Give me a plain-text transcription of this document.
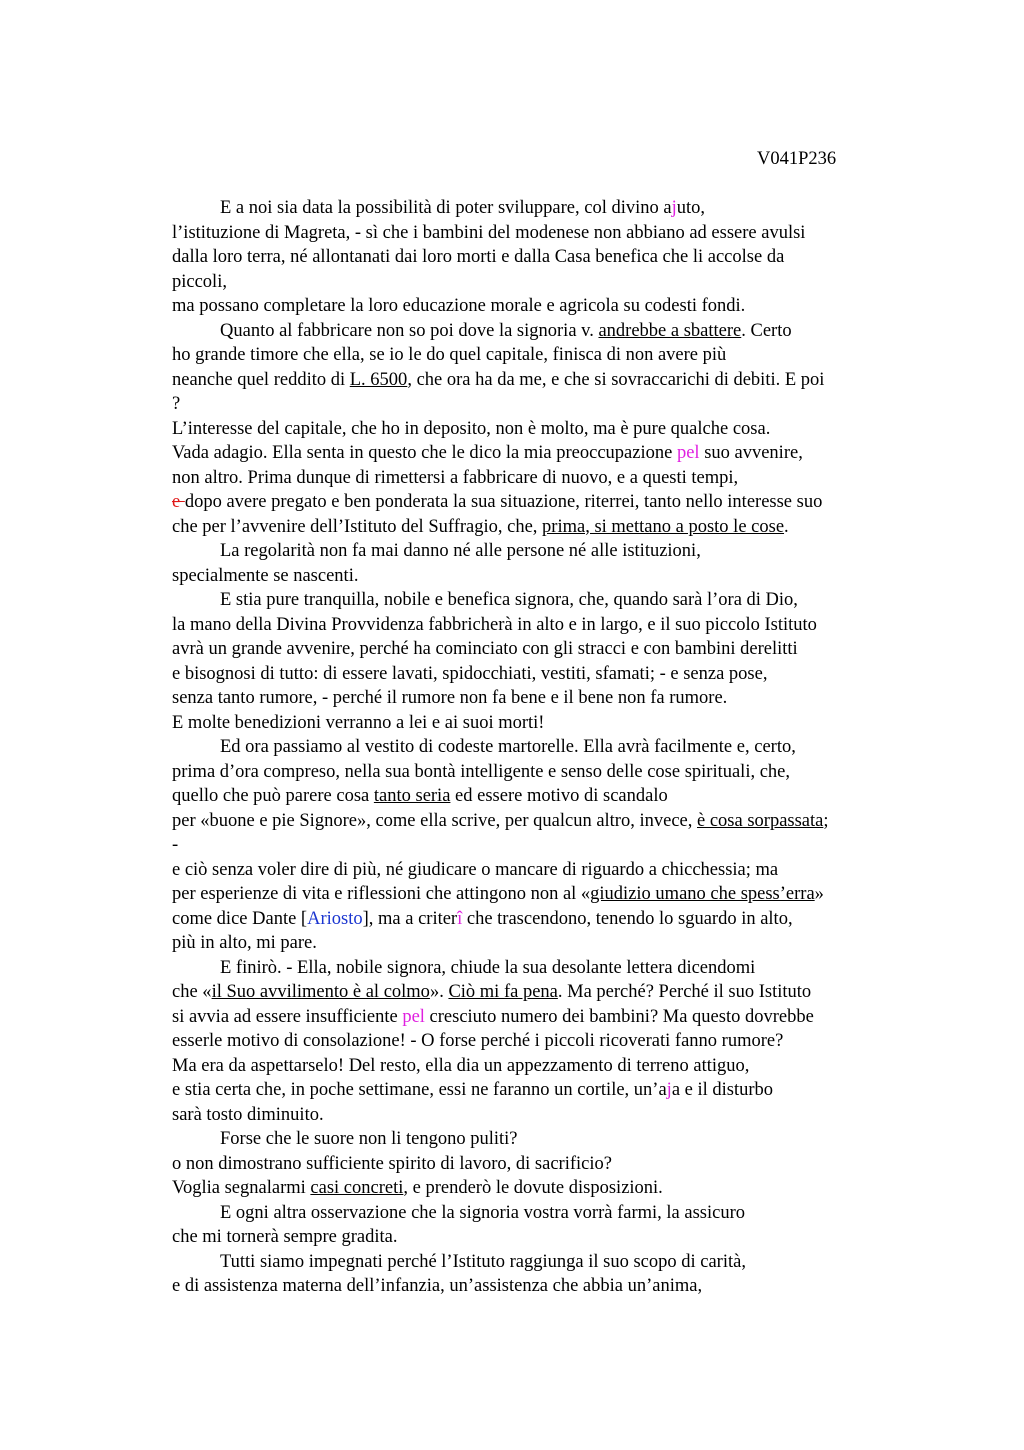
V041P236
E a noi sia data la possibilità di poter sviluppare, col divino ajuto,
l’istituzione di Magreta, - sì che i bambini del modenese non abbiano ad essere avulsi
dalla loro terra, né allontanati dai loro morti e dalla Casa benefica che li accolse da
piccoli,
ma possano completare la loro educazione morale e agricola su codesti fondi.
Quanto al fabbricare non so poi dove la signoria v. andrebbe a sbattere. Certo
ho grande timore che ella, se io le do quel capitale, finisca di non avere più
neanche quel reddito di L. 6500, che ora ha da me, e che si sovraccarichi di debiti. E poi
?
L’interesse del capitale, che ho in deposito, non è molto, ma è pure qualche cosa.
Vada adagio. Ella senta in questo che le dico la mia preoccupazione pel suo avvenire,
non altro. Prima dunque di rimettersi a fabbricare di nuovo, e a questi tempi,
e dopo avere pregato e ben ponderata la sua situazione, riterrei, tanto nello interesse suo
che per l’avvenire dell’Istituto del Suffragio, che, prima, si mettano a posto le cose.
La regolarità non fa mai danno né alle persone né alle istituzioni,
specialmente se nascenti.
E stia pure tranquilla, nobile e benefica signora, che, quando sarà l’ora di Dio,
la mano della Divina Provvidenza fabbricherà in alto e in largo, e il suo piccolo Istituto
avrà un grande avvenire, perché ha cominciato con gli stracci e con bambini derelitti
e bisognosi di tutto: di essere lavati, spidocchiati, vestiti, sfamati; - e senza pose,
senza tanto rumore, - perché il rumore non fa bene e il bene non fa rumore.
E molte benedizioni verranno a lei e ai suoi morti!
Ed ora passiamo al vestito di codeste martorelle. Ella avrà facilmente e, certo,
prima d’ora compreso, nella sua bontà intelligente e senso delle cose spirituali, che,
quello che può parere cosa tanto seria ed essere motivo di scandalo
per «buone e pie Signore», come ella scrive, per qualcun altro, invece, è cosa sorpassata;
-
e ciò senza voler dire di più, né giudicare o mancare di riguardo a chicchessia; ma
per esperienze di vita e riflessioni che attingono non al «giudizio umano che spess’erra»
come dice Dante [Ariosto], ma a criterî che trascendono, tenendo lo sguardo in alto,
più in alto, mi pare.
E finirò. - Ella, nobile signora, chiude la sua desolante lettera dicendomi
che «il Suo avvilimento è al colmo». Ciò mi fa pena. Ma perché? Perché il suo Istituto
si avvia ad essere insufficiente pel cresciuto numero dei bambini? Ma questo dovrebbe
esserle motivo di consolazione! - O forse perché i piccoli ricoverati fanno rumore?
Ma era da aspettarselo! Del resto, ella dia un appezzamento di terreno attiguo,
e stia certa che, in poche settimane, essi ne faranno un cortile, un’aja e il disturbo
sarà tosto diminuito.
Forse che le suore non li tengono puliti?
o non dimostrano sufficiente spirito di lavoro, di sacrificio?
Voglia segnalarmi casi concreti, e prenderò le dovute disposizioni.
E ogni altra osservazione che la signoria vostra vorrà farmi, la assicuro
che mi tornerà sempre gradita.
Tutti siamo impegnati perché l’Istituto raggiunga il suo scopo di carità,
e di assistenza materna dell’infanzia, un’assistenza che abbia un’anima,
